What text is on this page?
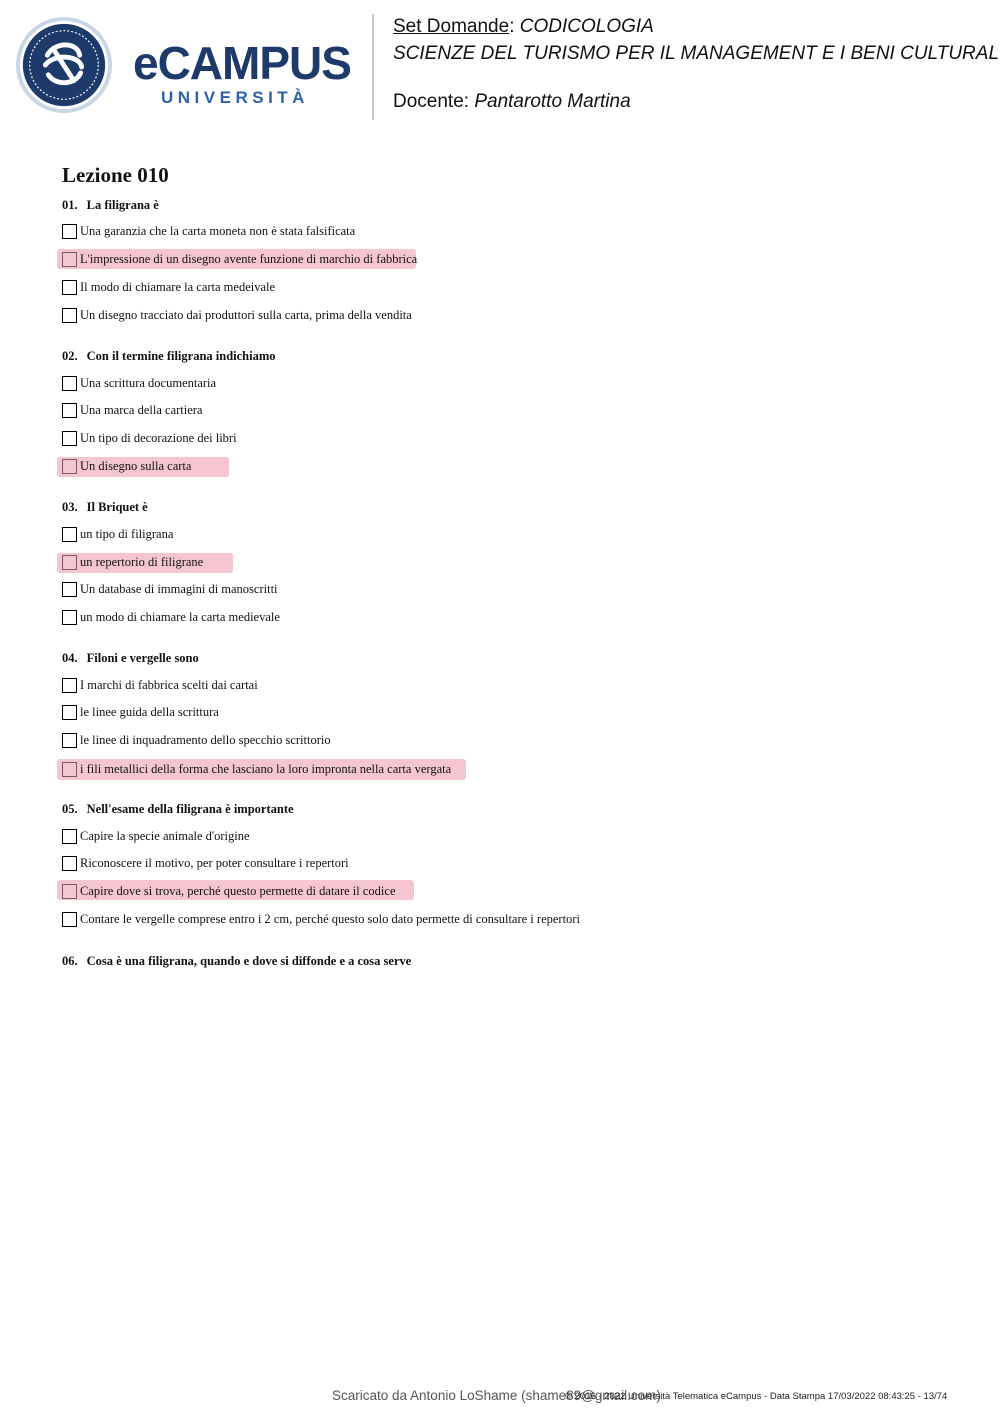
eCAMPUS
UNIVERSITÀ
Set Domande: CODICOLOGIA
SCIENZE DEL TURISMO PER IL MANAGEMENT E I BENI CULTURAL
Docente: Pantarotto Martina
Lezione 010
01. La filigrana è
Una garanzia che la carta moneta non è stata falsificata
L'impressione di un disegno avente funzione di marchio di fabbrica
Il modo di chiamare la carta medeivale
Un disegno tracciato dai produttori sulla carta, prima della vendita
02. Con il termine filigrana indichiamo
Una scrittura documentaria
Una marca della cartiera
Un tipo di decorazione dei libri
Un disegno sulla carta
03. Il Briquet è
un tipo di filigrana
un repertorio di filigrane
Un database di immagini di manoscritti
un modo di chiamare la carta medievale
04. Filoni e vergelle sono
I marchi di fabbrica scelti dai cartai
le linee guida della scrittura
le linee di inquadramento dello specchio scrittorio
i fili metallici della forma che lasciano la loro impronta nella carta vergata
05. Nell'esame della filigrana è importante
Capire la specie animale d'origine
Riconoscere il motivo, per poter consultare i repertori
Capire dove si trova, perché questo permette di datare il codice
Contare le vergelle comprese entro i 2 cm, perché questo solo dato permette di consultare i repertori
06. Cosa è una filigrana, quando e dove si diffonde e a cosa serve
Scaricato da Antonio LoShame (shame89@gmail.com)
© 2016 - 2022 Università Telematica eCampus - Data Stampa 17/03/2022 08:43:25 - 13/74
